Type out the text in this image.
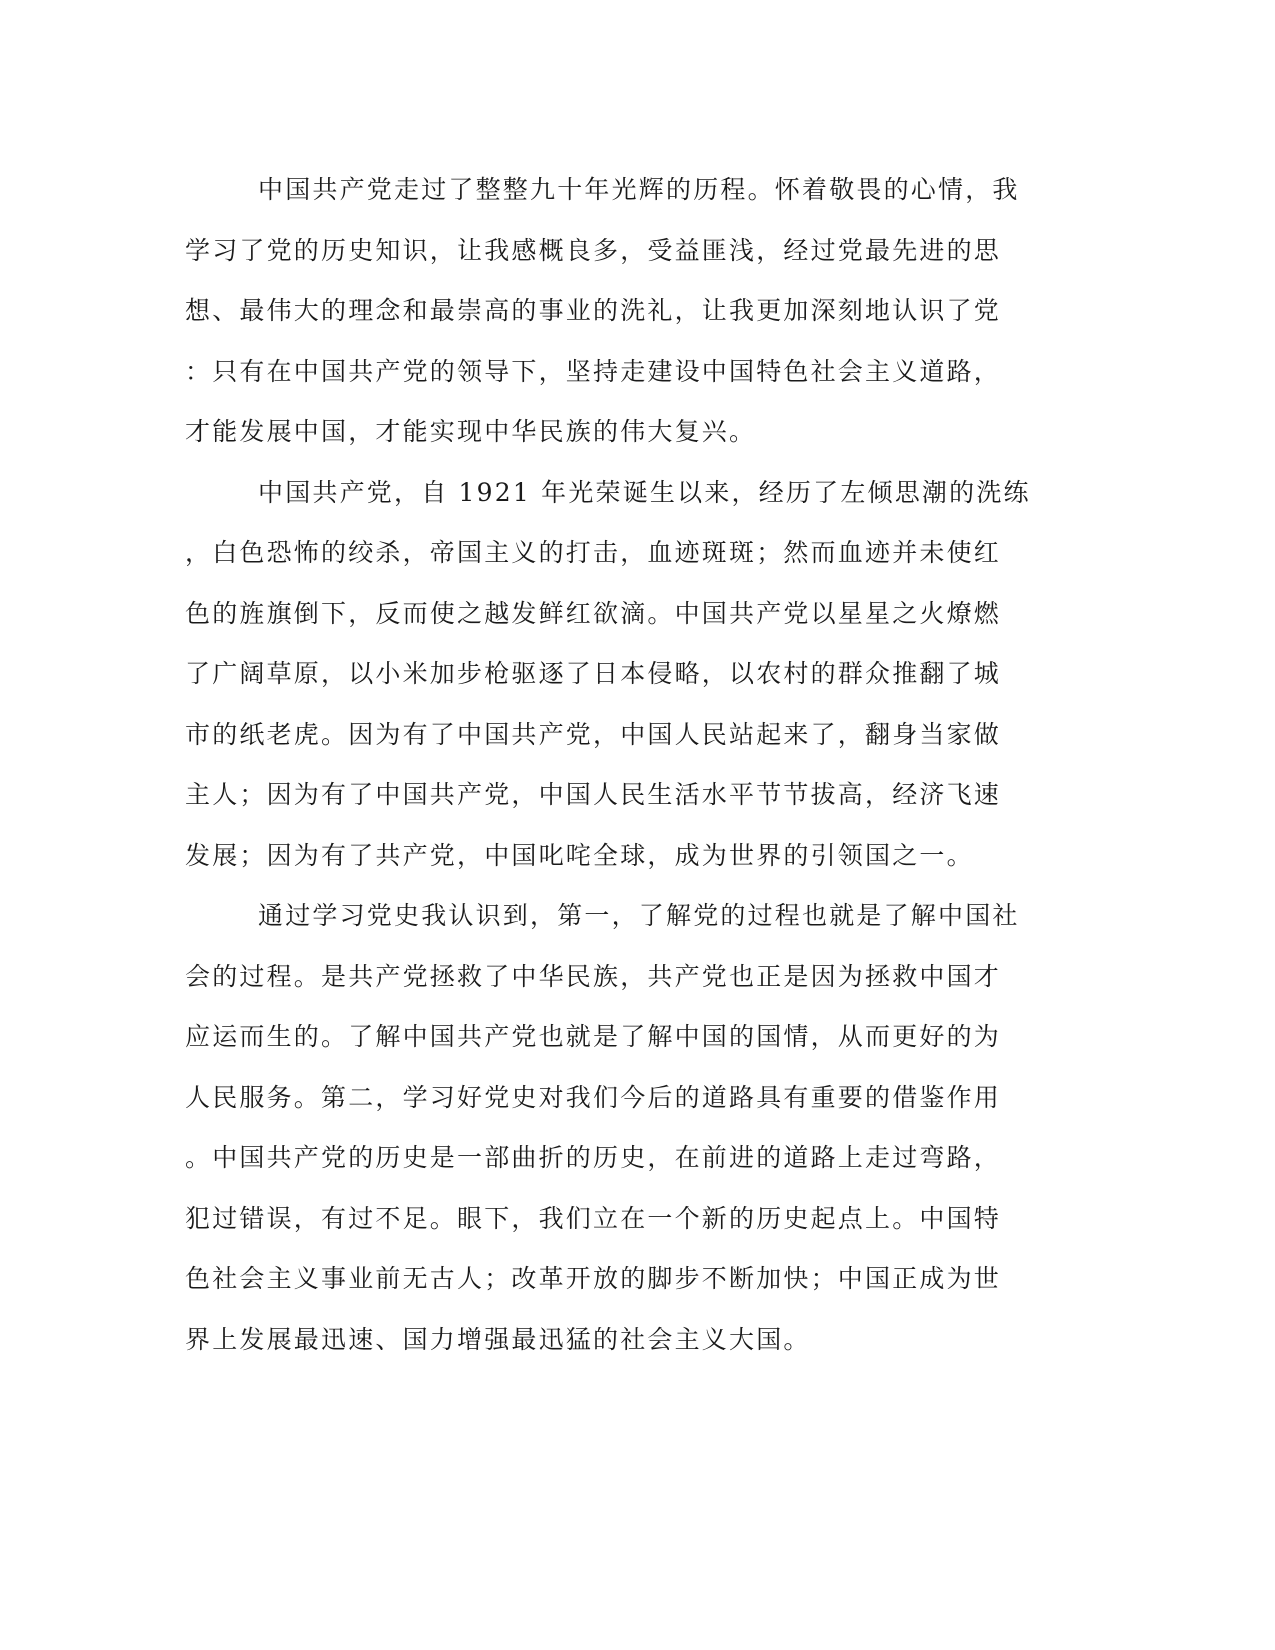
中国共产党走过了整整九十年光辉的历程。怀着敬畏的心情，我
学习了党的历史知识，让我感概良多，受益匪浅，经过党最先进的思
想、最伟大的理念和最崇高的事业的洗礼，让我更加深刻地认识了党
：只有在中国共产党的领导下，坚持走建设中国特色社会主义道路，
才能发展中国，才能实现中华民族的伟大复兴。
中国共产党，自 1921 年光荣诞生以来，经历了左倾思潮的洗练
，白色恐怖的绞杀，帝国主义的打击，血迹斑斑；然而血迹并未使红
色的旌旗倒下，反而使之越发鲜红欲滴。中国共产党以星星之火燎燃
了广阔草原，以小米加步枪驱逐了日本侵略，以农村的群众推翻了城
市的纸老虎。因为有了中国共产党，中国人民站起来了，翻身当家做
主人；因为有了中国共产党，中国人民生活水平节节拔高，经济飞速
发展；因为有了共产党，中国叱咤全球，成为世界的引领国之一。
通过学习党史我认识到，第一，了解党的过程也就是了解中国社
会的过程。是共产党拯救了中华民族，共产党也正是因为拯救中国才
应运而生的。了解中国共产党也就是了解中国的国情，从而更好的为
人民服务。第二，学习好党史对我们今后的道路具有重要的借鉴作用
。中国共产党的历史是一部曲折的历史，在前进的道路上走过弯路，
犯过错误，有过不足。眼下，我们立在一个新的历史起点上。中国特
色社会主义事业前无古人；改革开放的脚步不断加快；中国正成为世
界上发展最迅速、国力增强最迅猛的社会主义大国。
